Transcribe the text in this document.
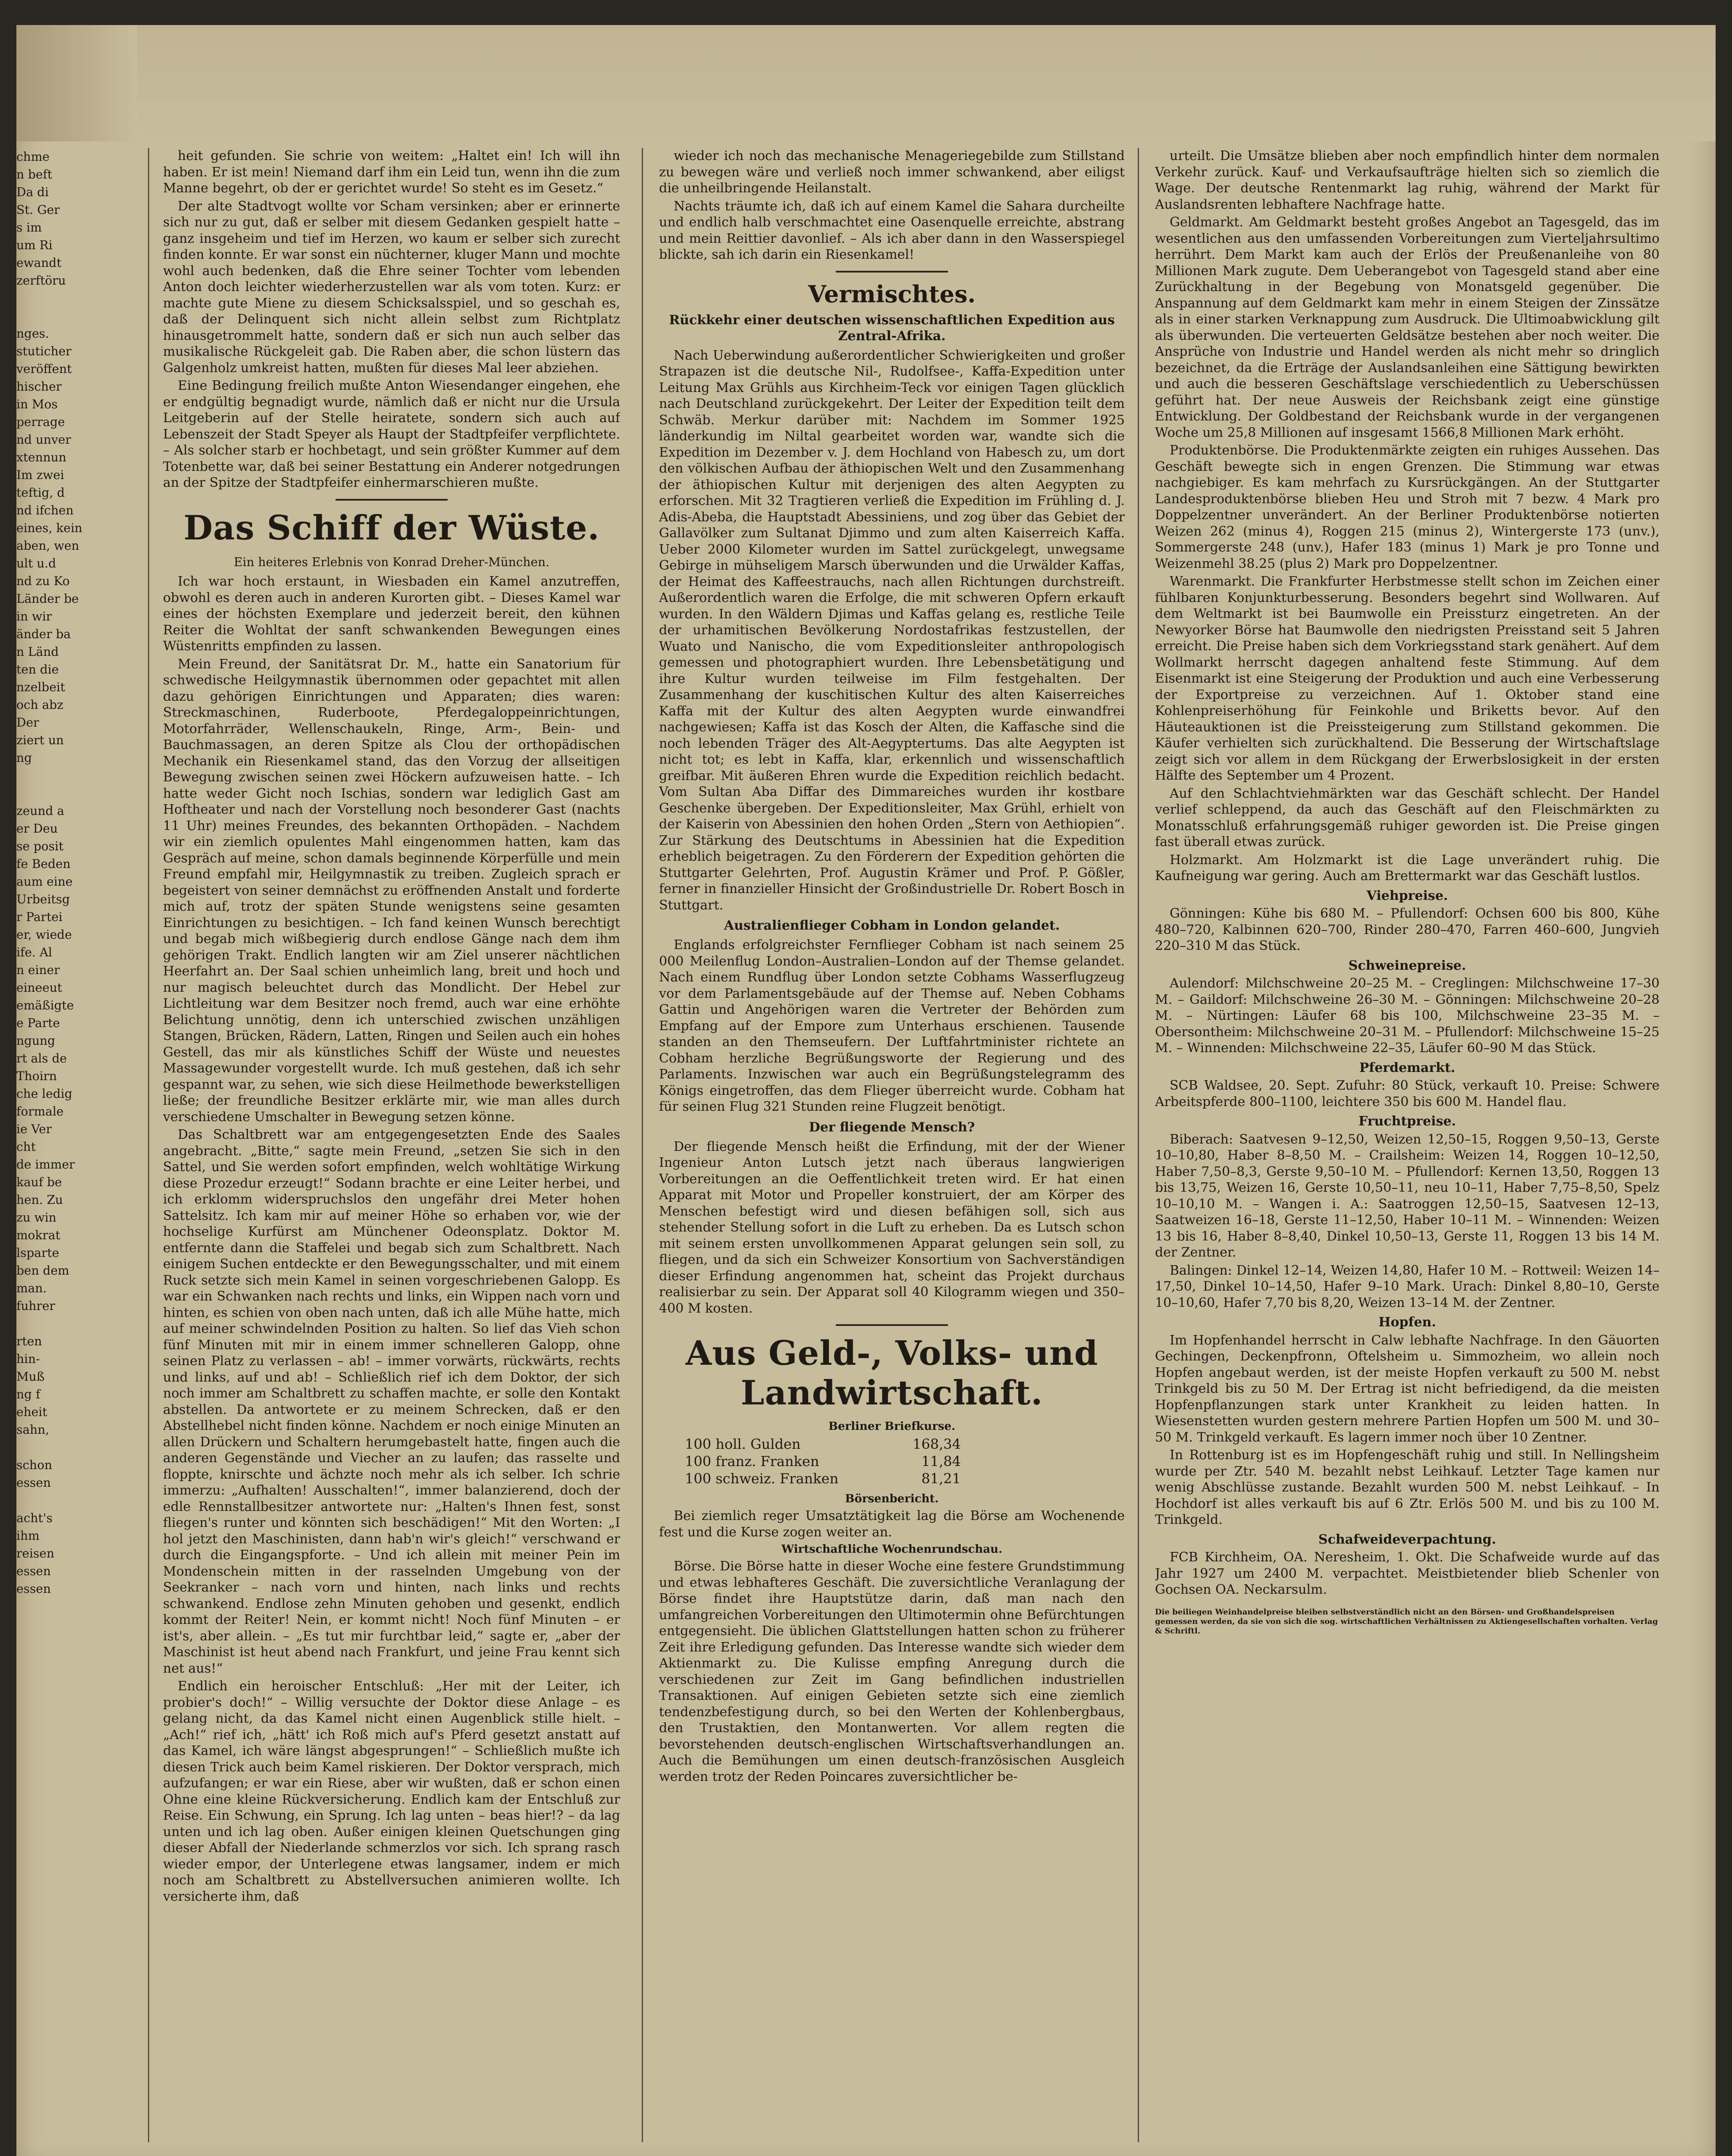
chme
n beft
Da di
St. Ger
s im
um Ri
ewandt
zerftöru

nges.
stuticher
veröffent
hischer
in Mos
perrage
nd unver
xtennun
Im zwei
teftig, d
nd ifchen
eines, kein
aben, wen
ult u.d
nd zu Ko
Länder be
in wir
änder ba
n Länd
ten die
nzelbeit
och abz
Der
ziert un
ng

zeund a
er Deu
se posit
fe Beden
aum eine
Urbeitsg
r Partei
er, wiede
ife. Al
n einer
eineeut
emäßigte
e Parte
ngung
rt als de
Thoirn
che ledig
formale
ie Ver
cht
de immer
kauf be
hen. Zu
zu win
mokrat
lsparte
ben dem
man.
fuhrer

rten
hin-
Muß
ng f
eheit
sahn,

schon
essen

acht's
ihm
reisen
essen
essen

heit gefunden. Sie schrie von weitem: „Haltet ein! Ich will ihn haben. Er ist mein! Niemand darf ihm ein Leid tun, wenn ihn die zum Manne begehrt, ob der er gerichtet wurde! So steht es im Gesetz.“

Der alte Stadtvogt wollte vor Scham versinken; aber er erinnerte sich nur zu gut, daß er selber mit diesem Gedanken gespielt hatte – ganz insgeheim und tief im Herzen, wo kaum er selber sich zurecht finden konnte. Er war sonst ein nüchterner, kluger Mann und mochte wohl auch bedenken, daß die Ehre seiner Tochter vom lebenden Anton doch leichter wiederherzustellen war als vom toten. Kurz: er machte gute Miene zu diesem Schicksalsspiel, und so geschah es, daß der Delinquent sich nicht allein selbst zum Richtplatz hinausgetrommelt hatte, sondern daß er sich nun auch selber das musikalische Rückgeleit gab. Die Raben aber, die schon lüstern das Galgenholz umkreist hatten, mußten für dieses Mal leer abziehen.

Eine Bedingung freilich mußte Anton Wiesendanger eingehen, ehe er endgültig begnadigt wurde, nämlich daß er nicht nur die Ursula Leitgeberin auf der Stelle heiratete, sondern sich auch auf Lebenszeit der Stadt Speyer als Haupt der Stadtpfeifer verpflichtete. – Als solcher starb er hochbetagt, und sein größter Kummer auf dem Totenbette war, daß bei seiner Bestattung ein Anderer notgedrungen an der Spitze der Stadtpfeifer einhermarschieren mußte.

Das Schiff der Wüste.
Ein heiteres Erlebnis von Konrad Dreher-München.

Ich war hoch erstaunt, in Wiesbaden ein Kamel anzutreffen, obwohl es deren auch in anderen Kurorten gibt. – Dieses Kamel war eines der höchsten Exemplare und jederzeit bereit, den kühnen Reiter die Wohltat der sanft schwankenden Bewegungen eines Wüstenritts empfinden zu lassen.

Mein Freund, der Sanitätsrat Dr. M., hatte ein Sanatorium für schwedische Heilgymnastik übernommen oder gepachtet mit allen dazu gehörigen Einrichtungen und Apparaten; dies waren: Streckmaschinen, Ruderboote, Pferdegaloppeinrichtungen, Motorfahrräder, Wellenschaukeln, Ringe, Arm-, Bein- und Bauchmassagen, an deren Spitze als Clou der orthopädischen Mechanik ein Riesenkamel stand, das den Vorzug der allseitigen Bewegung zwischen seinen zwei Höckern aufzuweisen hatte. – Ich hatte weder Gicht noch Ischias, sondern war lediglich Gast am Hoftheater und nach der Vorstellung noch besonderer Gast (nachts 11 Uhr) meines Freundes, des bekannten Orthopäden. – Nachdem wir ein ziemlich opulentes Mahl eingenommen hatten, kam das Gespräch auf meine, schon damals beginnende Körperfülle und mein Freund empfahl mir, Heilgymnastik zu treiben. Zugleich sprach er begeistert von seiner demnächst zu eröffnenden Anstalt und forderte mich auf, trotz der späten Stunde wenigstens seine gesamten Einrichtungen zu besichtigen. – Ich fand keinen Wunsch berechtigt und begab mich wißbegierig durch endlose Gänge nach dem ihm gehörigen Trakt. Endlich langten wir am Ziel unserer nächtlichen Heerfahrt an. Der Saal schien unheimlich lang, breit und hoch und nur magisch beleuchtet durch das Mondlicht. Der Hebel zur Lichtleitung war dem Besitzer noch fremd, auch war eine erhöhte Belichtung unnötig, denn ich unterschied zwischen unzähligen Stangen, Brücken, Rädern, Latten, Ringen und Seilen auch ein hohes Gestell, das mir als künstliches Schiff der Wüste und neuestes Massagewunder vorgestellt wurde. Ich muß gestehen, daß ich sehr gespannt war, zu sehen, wie sich diese Heilmethode bewerkstelligen ließe; der freundliche Besitzer erklärte mir, wie man alles durch verschiedene Umschalter in Bewegung setzen könne.

Das Schaltbrett war am entgegengesetzten Ende des Saales angebracht. „Bitte,“ sagte mein Freund, „setzen Sie sich in den Sattel, und Sie werden sofort empfinden, welch wohltätige Wirkung diese Prozedur erzeugt!“ Sodann brachte er eine Leiter herbei, und ich erklomm widerspruchslos den ungefähr drei Meter hohen Sattelsitz. Ich kam mir auf meiner Höhe so erhaben vor, wie der hochselige Kurfürst am Münchener Odeonsplatz. Doktor M. entfernte dann die Staffelei und begab sich zum Schaltbrett. Nach einigem Suchen entdeckte er den Bewegungsschalter, und mit einem Ruck setzte sich mein Kamel in seinen vorgeschriebenen Galopp. Es war ein Schwanken nach rechts und links, ein Wippen nach vorn und hinten, es schien von oben nach unten, daß ich alle Mühe hatte, mich auf meiner schwindelnden Position zu halten. So lief das Vieh schon fünf Minuten mit mir in einem immer schnelleren Galopp, ohne seinen Platz zu verlassen – ab! – immer vorwärts, rückwärts, rechts und links, auf und ab! – Schließlich rief ich dem Doktor, der sich noch immer am Schaltbrett zu schaffen machte, er solle den Kontakt abstellen. Da antwortete er zu meinem Schrecken, daß er den Abstellhebel nicht finden könne. Nachdem er noch einige Minuten an allen Drückern und Schaltern herumgebastelt hatte, fingen auch die anderen Gegenstände und Viecher an zu laufen; das rasselte und floppte, knirschte und ächzte noch mehr als ich selber. Ich schrie immerzu: „Aufhalten! Ausschalten!“, immer balanzierend, doch der edle Rennstallbesitzer antwortete nur: „Halten's Ihnen fest, sonst fliegen's runter und könnten sich beschädigen!“ Mit den Worten: „I hol jetzt den Maschinisten, dann hab'n wir's gleich!“ verschwand er durch die Eingangspforte. – Und ich allein mit meiner Pein im Mondenschein mitten in der rasselnden Umgebung von der Seekranker – nach vorn und hinten, nach links und rechts schwankend. Endlose zehn Minuten gehoben und gesenkt, endlich kommt der Reiter! Nein, er kommt nicht! Noch fünf Minuten – er ist's, aber allein. – „Es tut mir furchtbar leid,“ sagte er, „aber der Maschinist ist heut abend nach Frankfurt, und jeine Frau kennt sich net aus!“

Endlich ein heroischer Entschluß: „Her mit der Leiter, ich probier's doch!“ – Willig versuchte der Doktor diese Anlage – es gelang nicht, da das Kamel nicht einen Augenblick stille hielt. – „Ach!“ rief ich, „hätt' ich Roß mich auf's Pferd gesetzt anstatt auf das Kamel, ich wäre längst abgesprungen!“ – Schließlich mußte ich diesen Trick auch beim Kamel riskieren. Der Doktor versprach, mich aufzufangen; er war ein Riese, aber wir wußten, daß er schon einen Ohne eine kleine Rückversicherung. Endlich kam der Entschluß zur Reise. Ein Schwung, ein Sprung. Ich lag unten – beas hier!? – da lag unten und ich lag oben. Außer einigen kleinen Quetschungen ging dieser Abfall der Niederlande schmerzlos vor sich. Ich sprang rasch wieder empor, der Unterlegene etwas langsamer, indem er mich noch am Schaltbrett zu Abstellversuchen animieren wollte. Ich versicherte ihm, daß

wieder ich noch das mechanische Menageriegebilde zum Stillstand zu bewegen wäre und verließ noch immer schwankend, aber eiligst die unheilbringende Heilanstalt.

Nachts träumte ich, daß ich auf einem Kamel die Sahara durcheilte und endlich halb verschmachtet eine Oasenquelle erreichte, abstrang und mein Reittier davonlief. – Als ich aber dann in den Wasserspiegel blickte, sah ich darin ein Riesenkamel!

Vermischtes.
Rückkehr einer deutschen wissenschaftlichen Expedition aus Zentral-Afrika.

Nach Ueberwindung außerordentlicher Schwierigkeiten und großer Strapazen ist die deutsche Nil-, Rudolfsee-, Kaffa-Expedition unter Leitung Max Grühls aus Kirchheim-Teck vor einigen Tagen glücklich nach Deutschland zurückgekehrt. Der Leiter der Expedition teilt dem Schwäb. Merkur darüber mit: Nachdem im Sommer 1925 länderkundig im Niltal gearbeitet worden war, wandte sich die Expedition im Dezember v. J. dem Hochland von Habesch zu, um dort den völkischen Aufbau der äthiopischen Welt und den Zusammenhang der äthiopischen Kultur mit derjenigen des alten Aegypten zu erforschen. Mit 32 Tragtieren verließ die Expedition im Frühling d. J. Adis-Abeba, die Hauptstadt Abessiniens, und zog über das Gebiet der Gallavölker zum Sultanat Djimmo und zum alten Kaiserreich Kaffa. Ueber 2000 Kilometer wurden im Sattel zurückgelegt, unwegsame Gebirge in mühseligem Marsch überwunden und die Urwälder Kaffas, der Heimat des Kaffeestrauchs, nach allen Richtungen durchstreift. Außerordentlich waren die Erfolge, die mit schweren Opfern erkauft wurden. In den Wäldern Djimas und Kaffas gelang es, restliche Teile der urhamitischen Bevölkerung Nordostafrikas festzustellen, der Wuato und Nanischo, die vom Expeditionsleiter anthropologisch gemessen und photographiert wurden. Ihre Lebensbetätigung und ihre Kultur wurden teilweise im Film festgehalten. Der Zusammenhang der kuschitischen Kultur des alten Kaiserreiches Kaffa mit der Kultur des alten Aegypten wurde einwandfrei nachgewiesen; Kaffa ist das Kosch der Alten, die Kaffasche sind die noch lebenden Träger des Alt-Aegyptertums. Das alte Aegypten ist nicht tot; es lebt in Kaffa, klar, erkennlich und wissenschaftlich greifbar. Mit äußeren Ehren wurde die Expedition reichlich bedacht. Vom Sultan Aba Diffar des Dimmareiches wurden ihr kostbare Geschenke übergeben. Der Expeditionsleiter, Max Grühl, erhielt von der Kaiserin von Abessinien den hohen Orden „Stern von Aethiopien“. Zur Stärkung des Deutschtums in Abessinien hat die Expedition erheblich beigetragen. Zu den Förderern der Expedition gehörten die Stuttgarter Gelehrten, Prof. Augustin Krämer und Prof. P. Gößler, ferner in finanzieller Hinsicht der Großindustrielle Dr. Robert Bosch in Stuttgart.

Australienflieger Cobham in London gelandet.

Englands erfolgreichster Fernflieger Cobham ist nach seinem 25 000 Meilenflug London–Australien–London auf der Themse gelandet. Nach einem Rundflug über London setzte Cobhams Wasserflugzeug vor dem Parlamentsgebäude auf der Themse auf. Neben Cobhams Gattin und Angehörigen waren die Vertreter der Behörden zum Empfang auf der Empore zum Unterhaus erschienen. Tausende standen an den Themseufern. Der Luftfahrtminister richtete an Cobham herzliche Begrüßungsworte der Regierung und des Parlaments. Inzwischen war auch ein Begrüßungstelegramm des Königs eingetroffen, das dem Flieger überreicht wurde. Cobham hat für seinen Flug 321 Stunden reine Flugzeit benötigt.

Der fliegende Mensch?

Der fliegende Mensch heißt die Erfindung, mit der der Wiener Ingenieur Anton Lutsch jetzt nach überaus langwierigen Vorbereitungen an die Oeffentlichkeit treten wird. Er hat einen Apparat mit Motor und Propeller konstruiert, der am Körper des Menschen befestigt wird und diesen befähigen soll, sich aus stehender Stellung sofort in die Luft zu erheben. Da es Lutsch schon mit seinem ersten unvollkommenen Apparat gelungen sein soll, zu fliegen, und da sich ein Schweizer Konsortium von Sachverständigen dieser Erfindung angenommen hat, scheint das Projekt durchaus realisierbar zu sein. Der Apparat soll 40 Kilogramm wiegen und 350–400 M kosten.

Aus Geld-, Volks- und Landwirtschaft.
Berliner Briefkurse.
100 holl. Gulden	168,34
100 franz. Franken	11,84
100 schweiz. Franken	81,21
Börsenbericht.

Bei ziemlich reger Umsatztätigkeit lag die Börse am Wochenende fest und die Kurse zogen weiter an.

Wirtschaftliche Wochenrundschau.

Börse. Die Börse hatte in dieser Woche eine festere Grundstimmung und etwas lebhafteres Geschäft. Die zuversichtliche Veranlagung der Börse findet ihre Hauptstütze darin, daß man nach den umfangreichen Vorbereitungen den Ultimotermin ohne Befürchtungen entgegensieht. Die üblichen Glattstellungen hatten schon zu früherer Zeit ihre Erledigung gefunden. Das Interesse wandte sich wieder dem Aktienmarkt zu. Die Kulisse empfing Anregung durch die verschiedenen zur Zeit im Gang befindlichen industriellen Transaktionen. Auf einigen Gebieten setzte sich eine ziemlich tendenzbefestigung durch, so bei den Werten der Kohlenbergbaus, den Trustaktien, den Montanwerten. Vor allem regten die bevorstehenden deutsch-englischen Wirtschaftsverhandlungen an. Auch die Bemühungen um einen deutsch-französischen Ausgleich werden trotz der Reden Poincares zuversichtlicher be-

urteilt. Die Umsätze blieben aber noch empfindlich hinter dem normalen Verkehr zurück. Kauf- und Verkaufsaufträge hielten sich so ziemlich die Wage. Der deutsche Rentenmarkt lag ruhig, während der Markt für Auslandsrenten lebhaftere Nachfrage hatte.

Geldmarkt. Am Geldmarkt besteht großes Angebot an Tagesgeld, das im wesentlichen aus den umfassenden Vorbereitungen zum Vierteljahrsultimo herrührt. Dem Markt kam auch der Erlös der Preußenanleihe von 80 Millionen Mark zugute. Dem Ueberangebot von Tagesgeld stand aber eine Zurückhaltung in der Begebung von Monatsgeld gegenüber. Die Anspannung auf dem Geldmarkt kam mehr in einem Steigen der Zinssätze als in einer starken Verknappung zum Ausdruck. Die Ultimoabwicklung gilt als überwunden. Die verteuerten Geldsätze bestehen aber noch weiter. Die Ansprüche von Industrie und Handel werden als nicht mehr so dringlich bezeichnet, da die Erträge der Auslandsanleihen eine Sättigung bewirkten und auch die besseren Geschäftslage verschiedentlich zu Ueberschüssen geführt hat. Der neue Ausweis der Reichsbank zeigt eine günstige Entwicklung. Der Goldbestand der Reichsbank wurde in der vergangenen Woche um 25,8 Millionen auf insgesamt 1566,8 Millionen Mark erhöht.

Produktenbörse. Die Produktenmärkte zeigten ein ruhiges Aussehen. Das Geschäft bewegte sich in engen Grenzen. Die Stimmung war etwas nachgiebiger. Es kam mehrfach zu Kursrückgängen. An der Stuttgarter Landesproduktenbörse blieben Heu und Stroh mit 7 bezw. 4 Mark pro Doppelzentner unverändert. An der Berliner Produktenbörse notierten Weizen 262 (minus 4), Roggen 215 (minus 2), Wintergerste 173 (unv.), Sommergerste 248 (unv.), Hafer 183 (minus 1) Mark je pro Tonne und Weizenmehl 38.25 (plus 2) Mark pro Doppelzentner.

Warenmarkt. Die Frankfurter Herbstmesse stellt schon im Zeichen einer fühlbaren Konjunkturbesserung. Besonders begehrt sind Wollwaren. Auf dem Weltmarkt ist bei Baumwolle ein Preissturz eingetreten. An der Newyorker Börse hat Baumwolle den niedrigsten Preisstand seit 5 Jahren erreicht. Die Preise haben sich dem Vorkriegsstand stark genähert. Auf dem Wollmarkt herrscht dagegen anhaltend feste Stimmung. Auf dem Eisenmarkt ist eine Steigerung der Produktion und auch eine Verbesserung der Exportpreise zu verzeichnen. Auf 1. Oktober stand eine Kohlenpreiserhöhung für Feinkohle und Briketts bevor. Auf den Häuteauktionen ist die Preissteigerung zum Stillstand gekommen. Die Käufer verhielten sich zurückhaltend. Die Besserung der Wirtschaftslage zeigt sich vor allem in dem Rückgang der Erwerbslosigkeit in der ersten Hälfte des September um 4 Prozent.

Auf den Schlachtviehmärkten war das Geschäft schlecht. Der Handel verlief schleppend, da auch das Geschäft auf den Fleischmärkten zu Monatsschluß erfahrungsgemäß ruhiger geworden ist. Die Preise gingen fast überall etwas zurück.

Holzmarkt. Am Holzmarkt ist die Lage unverändert ruhig. Die Kaufneigung war gering. Auch am Brettermarkt war das Geschäft lustlos.

Viehpreise.

Gönningen: Kühe bis 680 M. – Pfullendorf: Ochsen 600 bis 800, Kühe 480–720, Kalbinnen 620–700, Rinder 280–470, Farren 460–600, Jungvieh 220–310 M das Stück.

Schweinepreise.

Aulendorf: Milchschweine 20–25 M. – Creglingen: Milchschweine 17–30 M. – Gaildorf: Milchschweine 26–30 M. – Gönningen: Milchschweine 20–28 M. – Nürtingen: Läufer 68 bis 100, Milchschweine 23–35 M. – Obersontheim: Milchschweine 20–31 M. – Pfullendorf: Milchschweine 15–25 M. – Winnenden: Milchschweine 22–35, Läufer 60–90 M das Stück.

Pferdemarkt.

SCB Waldsee, 20. Sept. Zufuhr: 80 Stück, verkauft 10. Preise: Schwere Arbeitspferde 800–1100, leichtere 350 bis 600 M. Handel flau.

Fruchtpreise.

Biberach: Saatvesen 9–12,50, Weizen 12,50–15, Roggen 9,50–13, Gerste 10–10,80, Haber 8–8,50 M. – Crailsheim: Weizen 14, Roggen 10–12,50, Haber 7,50–8,3, Gerste 9,50–10 M. – Pfullendorf: Kernen 13,50, Roggen 13 bis 13,75, Weizen 16, Gerste 10,50–11, neu 10–11, Haber 7,75–8,50, Spelz 10–10,10 M. – Wangen i. A.: Saatroggen 12,50–15, Saatvesen 12–13, Saatweizen 16–18, Gerste 11–12,50, Haber 10–11 M. – Winnenden: Weizen 13 bis 16, Haber 8–8,40, Dinkel 10,50–13, Gerste 11, Roggen 13 bis 14 M. der Zentner.

Balingen: Dinkel 12–14, Weizen 14,80, Hafer 10 M. – Rottweil: Weizen 14–17,50, Dinkel 10–14,50, Hafer 9–10 Mark. Urach: Dinkel 8,80–10, Gerste 10–10,60, Hafer 7,70 bis 8,20, Weizen 13–14 M. der Zentner.

Hopfen.

Im Hopfenhandel herrscht in Calw lebhafte Nachfrage. In den Gäuorten Gechingen, Deckenpfronn, Oftelsheim u. Simmozheim, wo allein noch Hopfen angebaut werden, ist der meiste Hopfen verkauft zu 500 M. nebst Trinkgeld bis zu 50 M. Der Ertrag ist nicht befriedigend, da die meisten Hopfenpflanzungen stark unter Krankheit zu leiden hatten. In Wiesenstetten wurden gestern mehrere Partien Hopfen um 500 M. und 30–50 M. Trinkgeld verkauft. Es lagern immer noch über 10 Zentner.

In Rottenburg ist es im Hopfengeschäft ruhig und still. In Nellingsheim wurde per Ztr. 540 M. bezahlt nebst Leihkauf. Letzter Tage kamen nur wenig Abschlüsse zustande. Bezahlt wurden 500 M. nebst Leihkauf. – In Hochdorf ist alles verkauft bis auf 6 Ztr. Erlös 500 M. und bis zu 100 M. Trinkgeld.

Schafweideverpachtung.

FCB Kirchheim, OA. Neresheim, 1. Okt. Die Schafweide wurde auf das Jahr 1927 um 2400 M. verpachtet. Meistbietender blieb Schenler von Gochsen OA. Neckarsulm.

Die beiliegen Weinhandelpreise bleiben selbstverständlich nicht an den Börsen- und Großhandelspreisen gemessen werden, da sie von sich die sog. wirtschaftlichen Verhältnissen zu Aktiengesellschaften vorhalten. Verlag & Schriftl.
